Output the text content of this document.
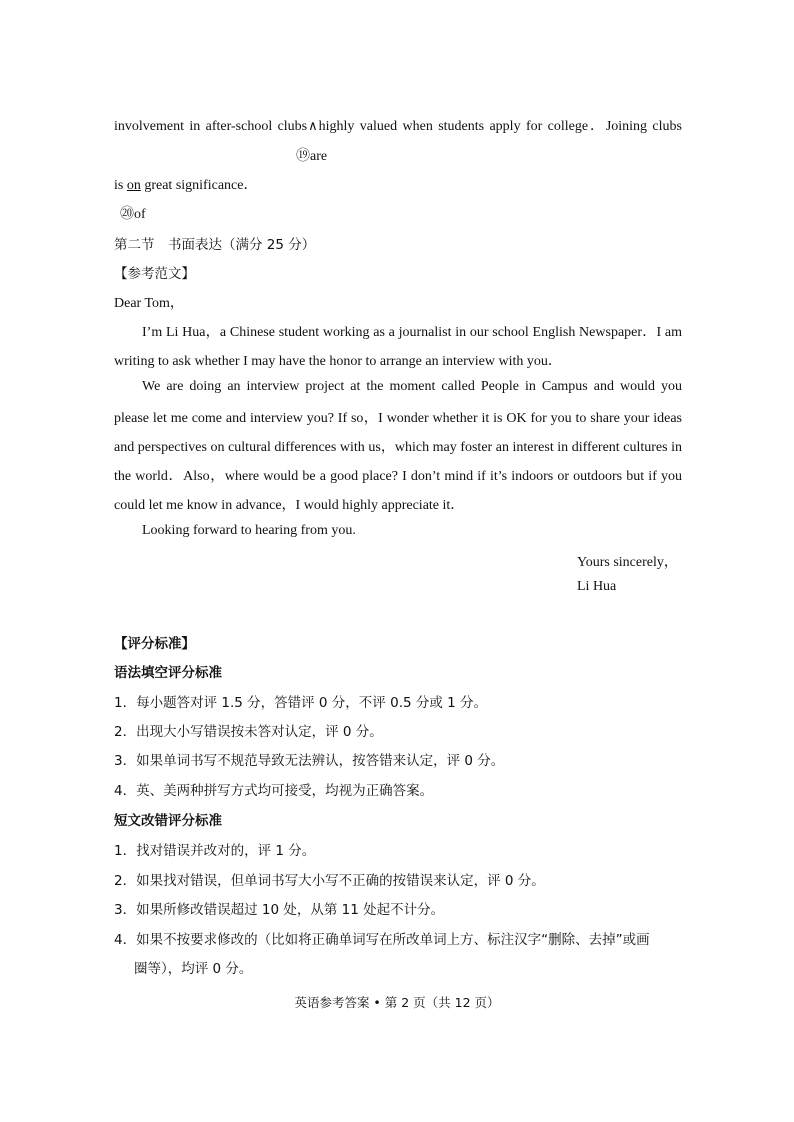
involvement in after-school clubs∧highly valued when students apply for college．Joining clubs
⑲are
is on great significance．
⑳of
第二节　书面表达（满分 25 分）
【参考范文】
Dear Tom，
I’m Li Hua，a Chinese student working as a journalist in our school English Newspaper．I am
writing to ask whether I may have the honor to arrange an interview with you．
We are doing an interview project at the moment called People in Campus and would you
please let me come and interview you? If so，I wonder whether it is OK for you to share your ideas
and perspectives on cultural differences with us，which may foster an interest in different cultures in
the world．Also，where would be a good place? I don’t mind if it’s indoors or outdoors but if you
could let me know in advance，I would highly appreciate it．
Looking forward to hearing from you.
Yours sincerely，
Li Hua
【评分标准】
语法填空评分标准
1．每小题答对评 1.5 分，答错评 0 分，不评 0.5 分或 1 分。
2．出现大小写错误按未答对认定，评 0 分。
3．如果单词书写不规范导致无法辨认，按答错来认定，评 0 分。
4．英、美两种拼写方式均可接受，均视为正确答案。
短文改错评分标准
1．找对错误并改对的，评 1 分。
2．如果找对错误，但单词书写大小写不正确的按错误来认定，评 0 分。
3．如果所修改错误超过 10 处，从第 11 处起不计分。
4．如果不按要求修改的（比如将正确单词写在所改单词上方、标注汉字“删除、去掉”或画
圈等），均评 0 分。
英语参考答案 • 第 2 页（共 12 页）
